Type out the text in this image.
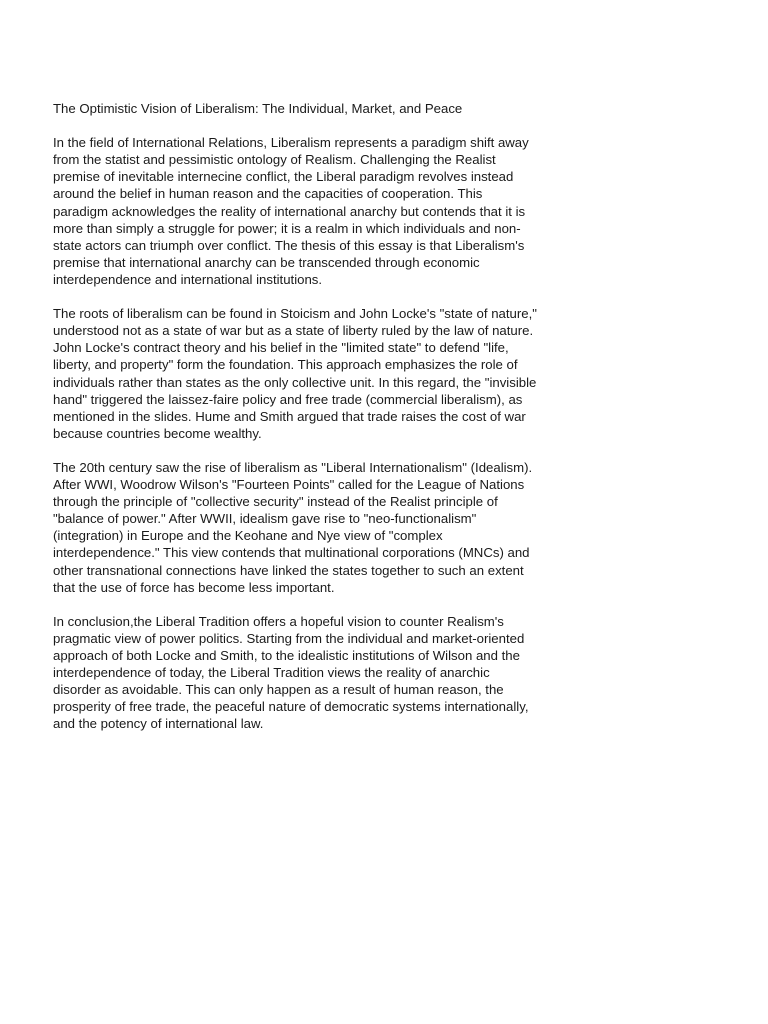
The Optimistic Vision of Liberalism: The Individual, Market, and Peace

In the field of International Relations, Liberalism represents a paradigm shift away
from the statist and pessimistic ontology of Realism. Challenging the Realist
premise of inevitable internecine conflict, the Liberal paradigm revolves instead
around the belief in human reason and the capacities of cooperation. This
paradigm acknowledges the reality of international anarchy but contends that it is
more than simply a struggle for power; it is a realm in which individuals and non-
state actors can triumph over conflict. The thesis of this essay is that Liberalism's
premise that international anarchy can be transcended through economic
interdependence and international institutions.

The roots of liberalism can be found in Stoicism and John Locke's "state of nature,"
understood not as a state of war but as a state of liberty ruled by the law of nature.
John Locke's contract theory and his belief in the "limited state" to defend "life,
liberty, and property" form the foundation. This approach emphasizes the role of
individuals rather than states as the only collective unit. In this regard, the "invisible
hand" triggered the laissez-faire policy and free trade (commercial liberalism), as
mentioned in the slides. Hume and Smith argued that trade raises the cost of war
because countries become wealthy.

The 20th century saw the rise of liberalism as "Liberal Internationalism" (Idealism).
After WWI, Woodrow Wilson's "Fourteen Points" called for the League of Nations
through the principle of "collective security" instead of the Realist principle of
"balance of power." After WWII, idealism gave rise to "neo-functionalism"
(integration) in Europe and the Keohane and Nye view of "complex
interdependence." This view contends that multinational corporations (MNCs) and
other transnational connections have linked the states together to such an extent
that the use of force has become less important.

In conclusion,the Liberal Tradition offers a hopeful vision to counter Realism's
pragmatic view of power politics. Starting from the individual and market-oriented
approach of both Locke and Smith, to the idealistic institutions of Wilson and the
interdependence of today, the Liberal Tradition views the reality of anarchic
disorder as avoidable. This can only happen as a result of human reason, the
prosperity of free trade, the peaceful nature of democratic systems internationally,
and the potency of international law.
